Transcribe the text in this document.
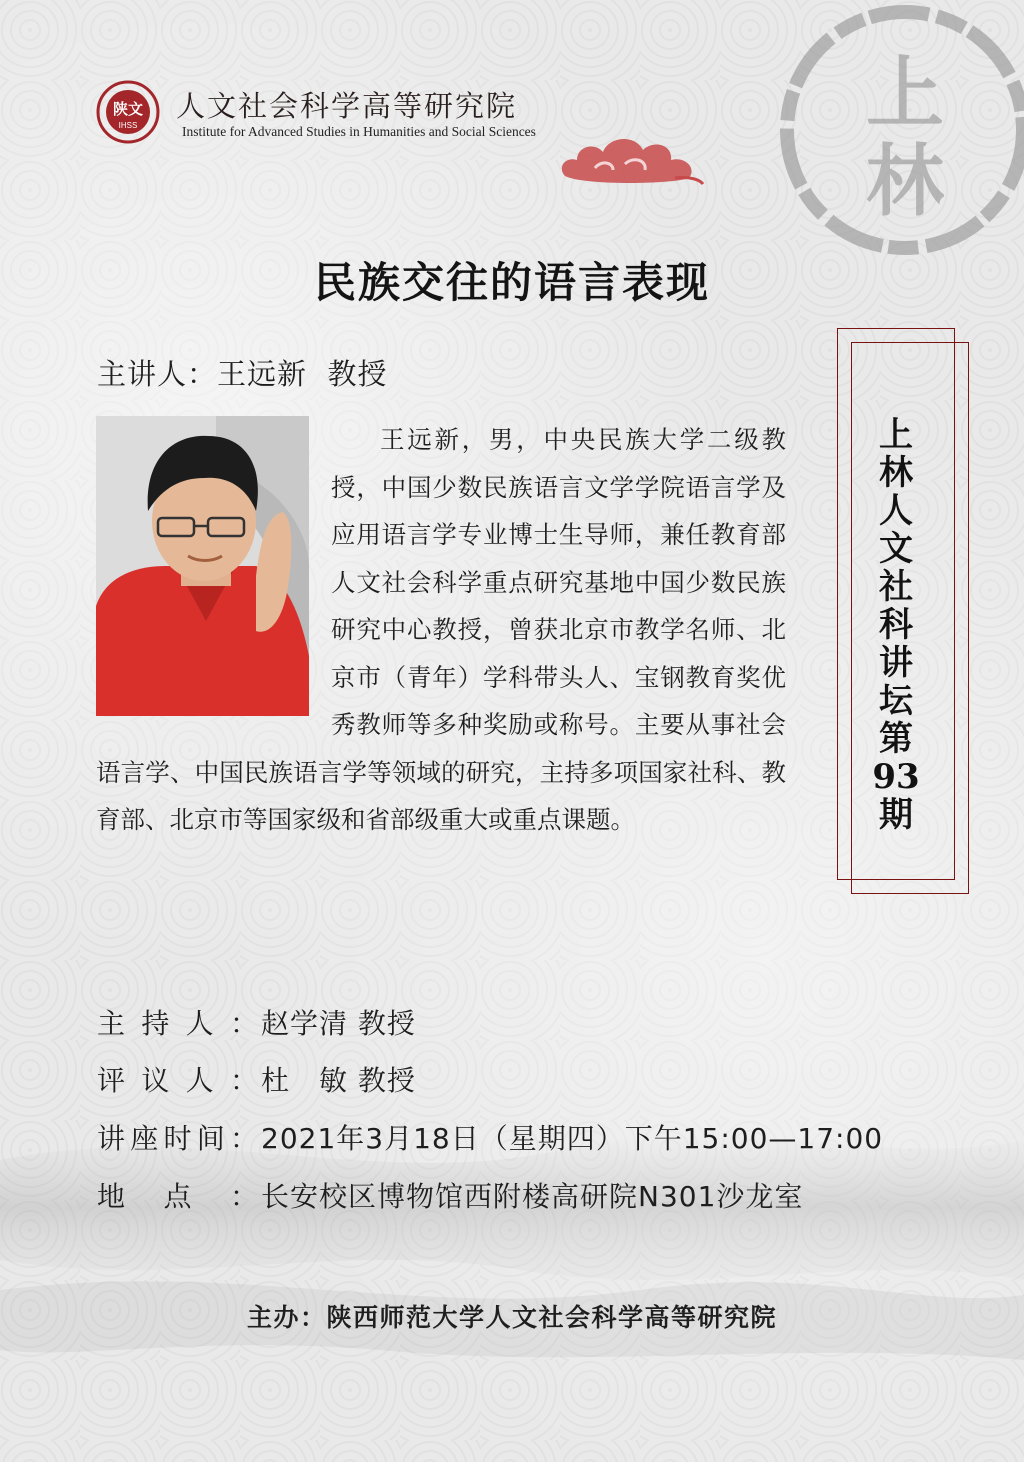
陕文
IHSS
人文社会科学高等研究院
Institute for Advanced Studies in Humanities and Social Sciences	上
林
民族交往的语言表现
主讲人：王远新 教授

王远新，男，中央民族大学二级教授，中国少数民族语言文学学院语言学及应用语言学专业博士生导师，兼任教育部人文社会科学重点研究基地中国少数民族研究中心教授，曾获北京市教学名师、北京市（青年）学科带头人、宝钢教育奖优秀教师等多种奖励或称号。主要从事社会语言学、中国民族语言学等领域的研究，主持多项国家社科、教育部、北京市等国家级和省部级重大或重点课题。

上
林
人
文
社
科
讲
坛
第
93
期
主持人：赵学清 教授
评议人：杜　敏 教授
讲座时间：2021年3月18日（星期四）下午15:00—17:00
地点：长安校区博物馆西附楼高研院N301沙龙室
主办：陕西师范大学人文社会科学高等研究院
